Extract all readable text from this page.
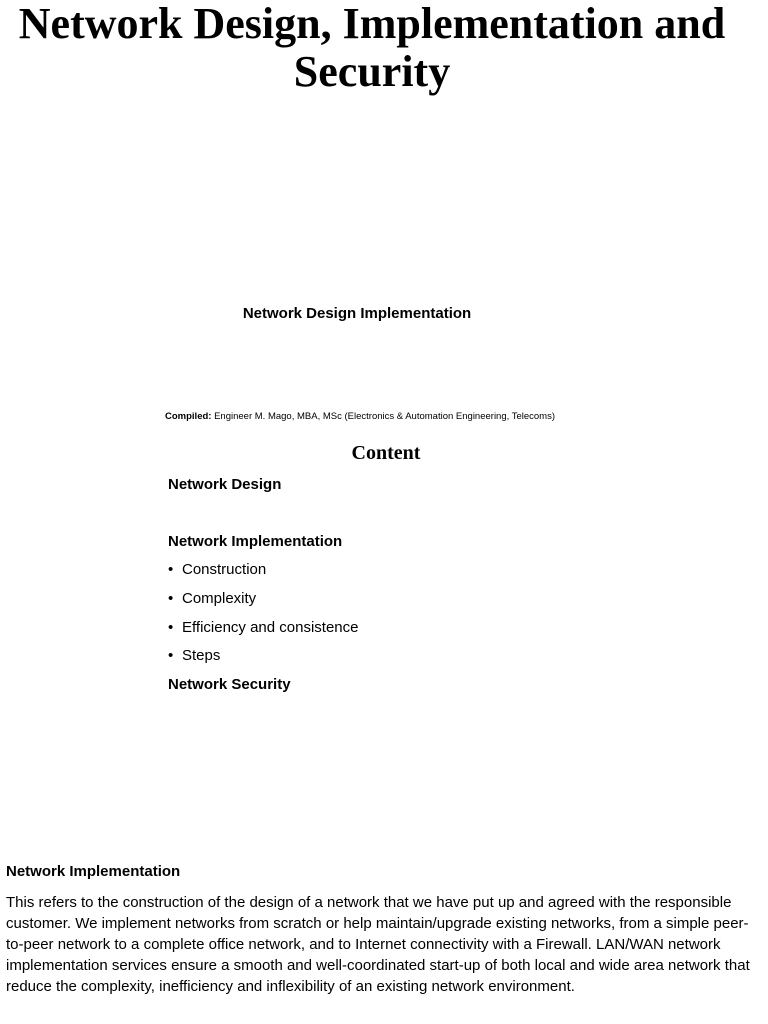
Network Design, Implementation and Security
Network Design Implementation
Compiled: Engineer M. Mago, MBA, MSc (Electronics & Automation Engineering, Telecoms)
Content
Network Design
Network Implementation
• Construction
• Complexity
• Efficiency and consistence
• Steps
Network Security
Network Implementation
This refers to the construction of the design of a network that we have put up and agreed with the responsible customer. We implement networks from scratch or help maintain/upgrade existing networks, from a simple peer-to-peer network to a complete office network, and to Internet connectivity with a Firewall. LAN/WAN network implementation services ensure a smooth and well-coordinated start-up of both local and wide area network that reduce the complexity, inefficiency and inflexibility of an existing network environment.
